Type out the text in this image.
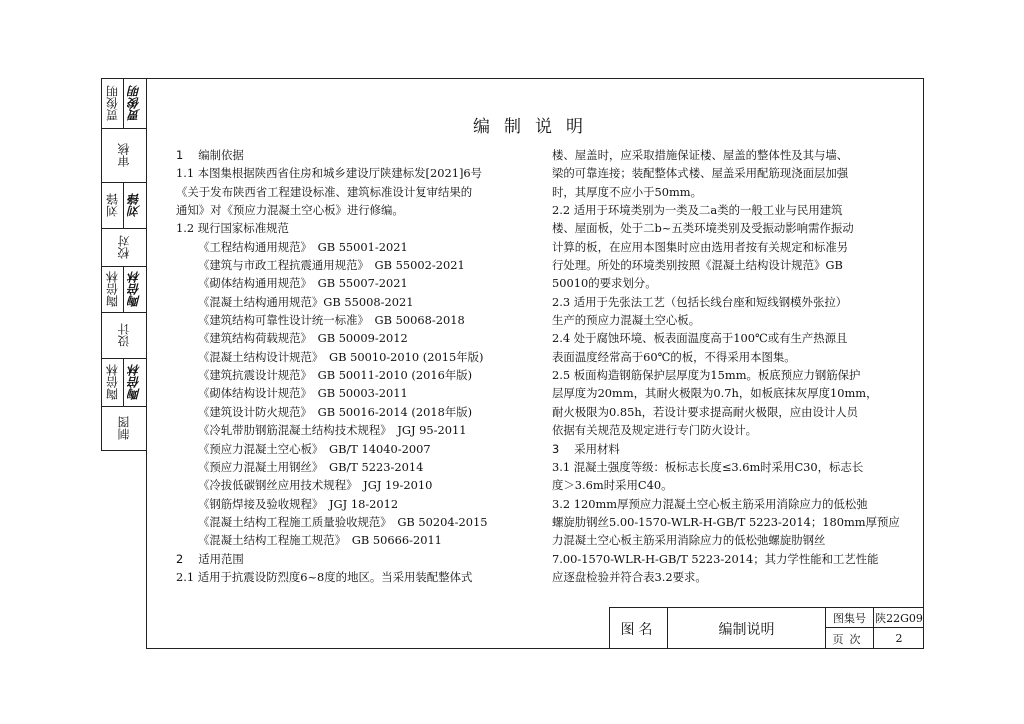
贾俊明 贾俊明
审核
刘锋 刘锋
校对
陶倍林 陶倍林
设计
陶倍林 陶倍林
制图
编制说明
1　 编制依据
1.1 本图集根据陕西省住房和城乡建设厅陕建标发[2021]6号
《关于发布陕西省工程建设标准、建筑标准设计复审结果的
通知》对《预应力混凝土空心板》进行修编。
1.2 现行国家标准规范
《工程结构通用规范》　GB 55001-2021
《建筑与市政工程抗震通用规范》　GB 55002-2021
《砌体结构通用规范》　GB 55007-2021
《混凝土结构通用规范》GB 55008-2021
《建筑结构可靠性设计统一标准》　GB 50068-2018
《建筑结构荷载规范》　GB 50009-2012
《混凝土结构设计规范》　GB 50010-2010 (2015年版)
《建筑抗震设计规范》　GB 50011-2010 (2016年版)
《砌体结构设计规范》　GB 50003-2011
《建筑设计防火规范》　GB 50016-2014 (2018年版)
《冷轧带肋钢筋混凝土结构技术规程》　JGJ 95-2011
《预应力混凝土空心板》　GB/T 14040-2007
《预应力混凝土用钢丝》　GB/T 5223-2014
《冷拔低碳钢丝应用技术规程》　JGJ 19-2010
《钢筋焊接及验收规程》　JGJ 18-2012
《混凝土结构工程施工质量验收规范》　GB 50204-2015
《混凝土结构工程施工规范》　GB 50666-2011
2　 适用范围
2.1 适用于抗震设防烈度6~8度的地区。当采用装配整体式
楼、屋盖时，应采取措施保证楼、屋盖的整体性及其与墙、
梁的可靠连接；装配整体式楼、屋盖采用配筋现浇面层加强
时，其厚度不应小于50mm。
2.2 适用于环境类别为一类及二a类的一般工业与民用建筑
楼、屋面板，处于二b~五类环境类别及受振动影响需作振动
计算的板，在应用本图集时应由选用者按有关规定和标准另
行处理。所处的环境类别按照《混凝土结构设计规范》GB
50010的要求划分。
2.3 适用于先张法工艺（包括长线台座和短线钢模外张拉）
生产的预应力混凝土空心板。
2.4 处于腐蚀环境、板表面温度高于100℃或有生产热源且
表面温度经常高于60℃的板，不得采用本图集。
2.5 板面构造钢筋保护层厚度为15mm。板底预应力钢筋保护
层厚度为20mm，其耐火极限为0.7h，如板底抹灰厚度10mm，
耐火极限为0.85h，若设计要求提高耐火极限，应由设计人员
依据有关规范及规定进行专门防火设计。
3　 采用材料
3.1 混凝土强度等级：板标志长度≤3.6m时采用C30，标志长
度＞3.6m时采用C40。
3.2 120mm厚预应力混凝土空心板主筋采用消除应力的低松弛
螺旋肋钢丝5.00-1570-WLR-H-GB/T 5223-2014；180mm厚预应
力混凝土空心板主筋采用消除应力的低松弛螺旋肋钢丝
7.00-1570-WLR-H-GB/T 5223-2014；其力学性能和工艺性能
应逐盘检验并符合表3.2要求。
图名	编制说明
图集号 陕22G09
页次	2
